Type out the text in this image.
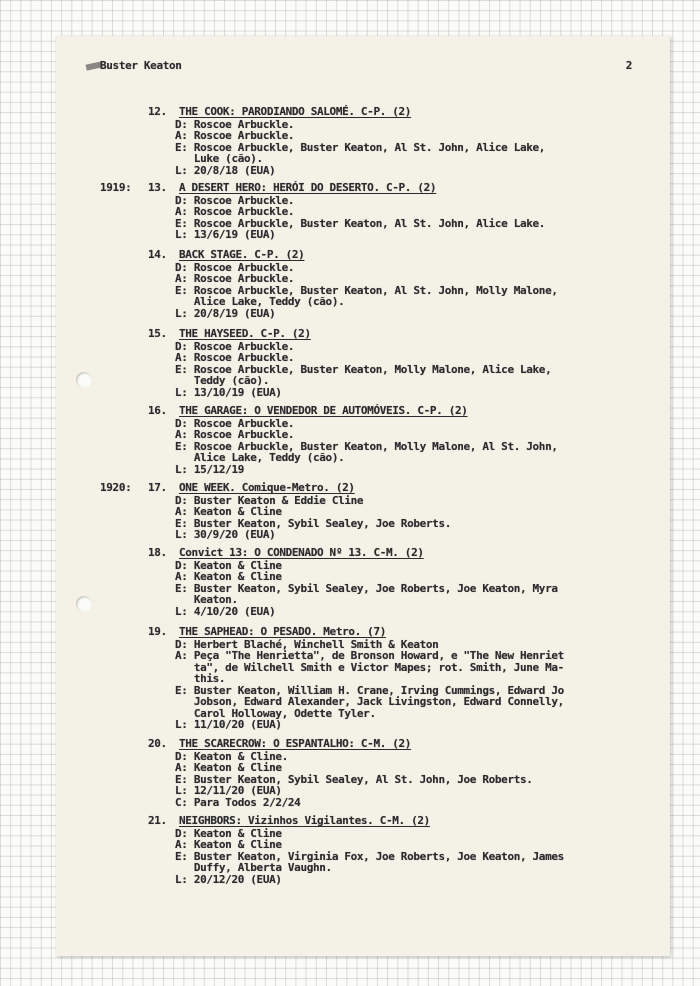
Buster Keaton	2
12. THE COOK: PARODIANDO SALOMÉ. C-P. (2)
D: Roscoe Arbuckle.
A: Roscoe Arbuckle.
E: Roscoe Arbuckle, Buster Keaton, Al St. John, Alice Lake,
Luke (cão).
L: 20/8/18 (EUA)
1919: 13. A DESERT HERO: HERÓI DO DESERTO. C-P. (2)
D: Roscoe Arbuckle.
A: Roscoe Arbuckle.
E: Roscoe Arbuckle, Buster Keaton, Al St. John, Alice Lake.
L: 13/6/19 (EUA)
14. BACK STAGE. C-P. (2)
D: Roscoe Arbuckle.
A: Roscoe Arbuckle.
E: Roscoe Arbuckle, Buster Keaton, Al St. John, Molly Malone,
Alice Lake, Teddy (cão).
L: 20/8/19 (EUA)
15. THE HAYSEED. C-P. (2)
D: Roscoe Arbuckle.
A: Roscoe Arbuckle.
E: Roscoe Arbuckle, Buster Keaton, Molly Malone, Alice Lake,
Teddy (cão).
L: 13/10/19 (EUA)
16. THE GARAGE: O VENDEDOR DE AUTOMÓVEIS. C-P. (2)
D: Roscoe Arbuckle.
A: Roscoe Arbuckle.
E: Roscoe Arbuckle, Buster Keaton, Molly Malone, Al St. John,
Alice Lake, Teddy (cão).
L: 15/12/19
1920: 17. ONE WEEK. Comique-Metro. (2)
D: Buster Keaton & Eddie Cline
A: Keaton & Cline
E: Buster Keaton, Sybil Sealey, Joe Roberts.
L: 30/9/20 (EUA)
18. Convict 13: O CONDENADO Nº 13. C-M. (2)
D: Keaton & Cline
A: Keaton & Cline
E: Buster Keaton, Sybil Sealey, Joe Roberts, Joe Keaton, Myra
Keaton.
L: 4/10/20 (EUA)
19. THE SAPHEAD: O PESADO. Metro. (7)
D: Herbert Blaché, Winchell Smith & Keaton
A: Peça "The Henrietta", de Bronson Howard, e "The New Henriet
ta", de Wilchell Smith e Victor Mapes; rot. Smith, June Ma-
this.
E: Buster Keaton, William H. Crane, Irving Cummings, Edward Jo
Jobson, Edward Alexander, Jack Livingston, Edward Connelly,
Carol Holloway, Odette Tyler.
L: 11/10/20 (EUA)
20. THE SCARECROW: O ESPANTALHO: C-M. (2)
D: Keaton & Cline.
A: Keaton & Cline
E: Buster Keaton, Sybil Sealey, Al St. John, Joe Roberts.
L: 12/11/20 (EUA)
C: Para Todos 2/2/24
21. NEIGHBORS: Vizinhos Vigilantes. C-M. (2)
D: Keaton & Cline
A: Keaton & Cline
E: Buster Keaton, Virginia Fox, Joe Roberts, Joe Keaton, James
Duffy, Alberta Vaughn.
L: 20/12/20 (EUA)
